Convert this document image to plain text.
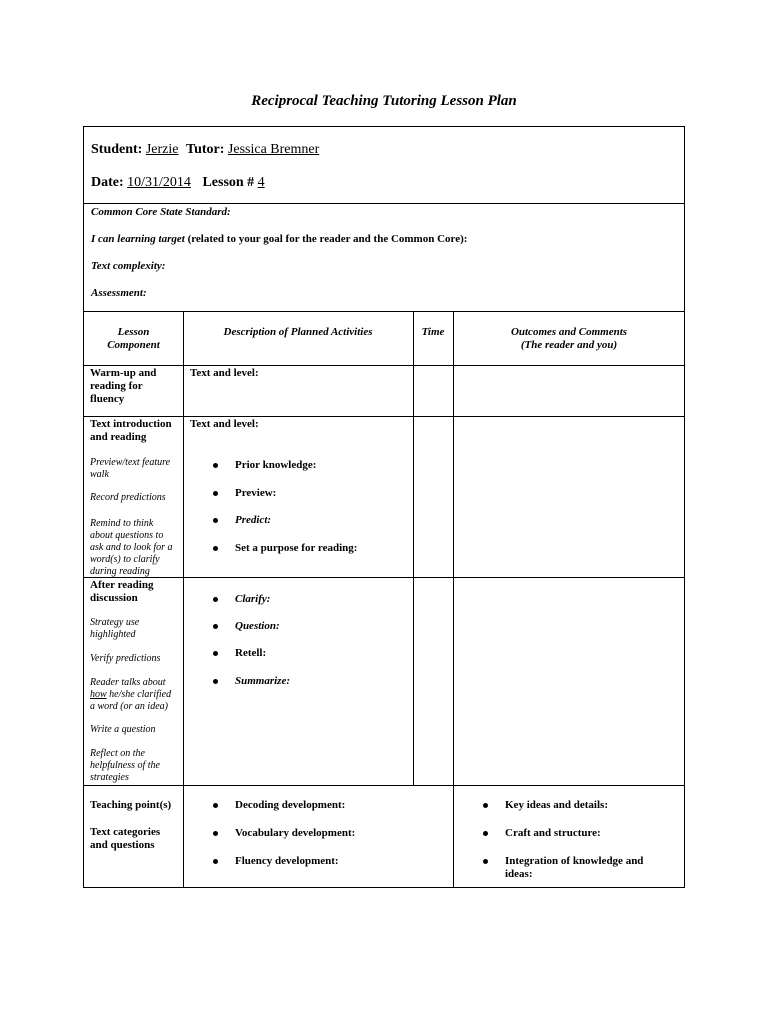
Reciprocal Teaching Tutoring Lesson Plan
Student: Jerzie Tutor: Jessica Bremner
Date: 10/31/2014 Lesson # 4
Common Core State Standard:
I can learning target (related to your goal for the reader and the Common Core):
Text complexity:
Assessment:
Lesson
Component
Description of Planned Activities	Time	Outcomes and Comments
(The reader and you)
Warm-up and
reading for
fluency
Text and level:
Text introduction
and reading
Preview/text feature
walk
Record predictions
Remind to think
about questions to
ask and to look for a
word(s) to clarify
during reading
Text and level:
Prior knowledge:
Preview:
Predict:
Set a purpose for reading:
After reading
discussion
Strategy use
highlighted
Verify predictions
Reader talks about
how he/she clarified
a word (or an idea)
Write a question
Reflect on the
helpfulness of the
strategies
Clarify:
Question:
Retell:
Summarize:
Teaching point(s)
Text categories
and questions
Decoding development:
Vocabulary development:
Fluency development:
Key ideas and details:
Craft and structure:
Integration of knowledge and
ideas:
